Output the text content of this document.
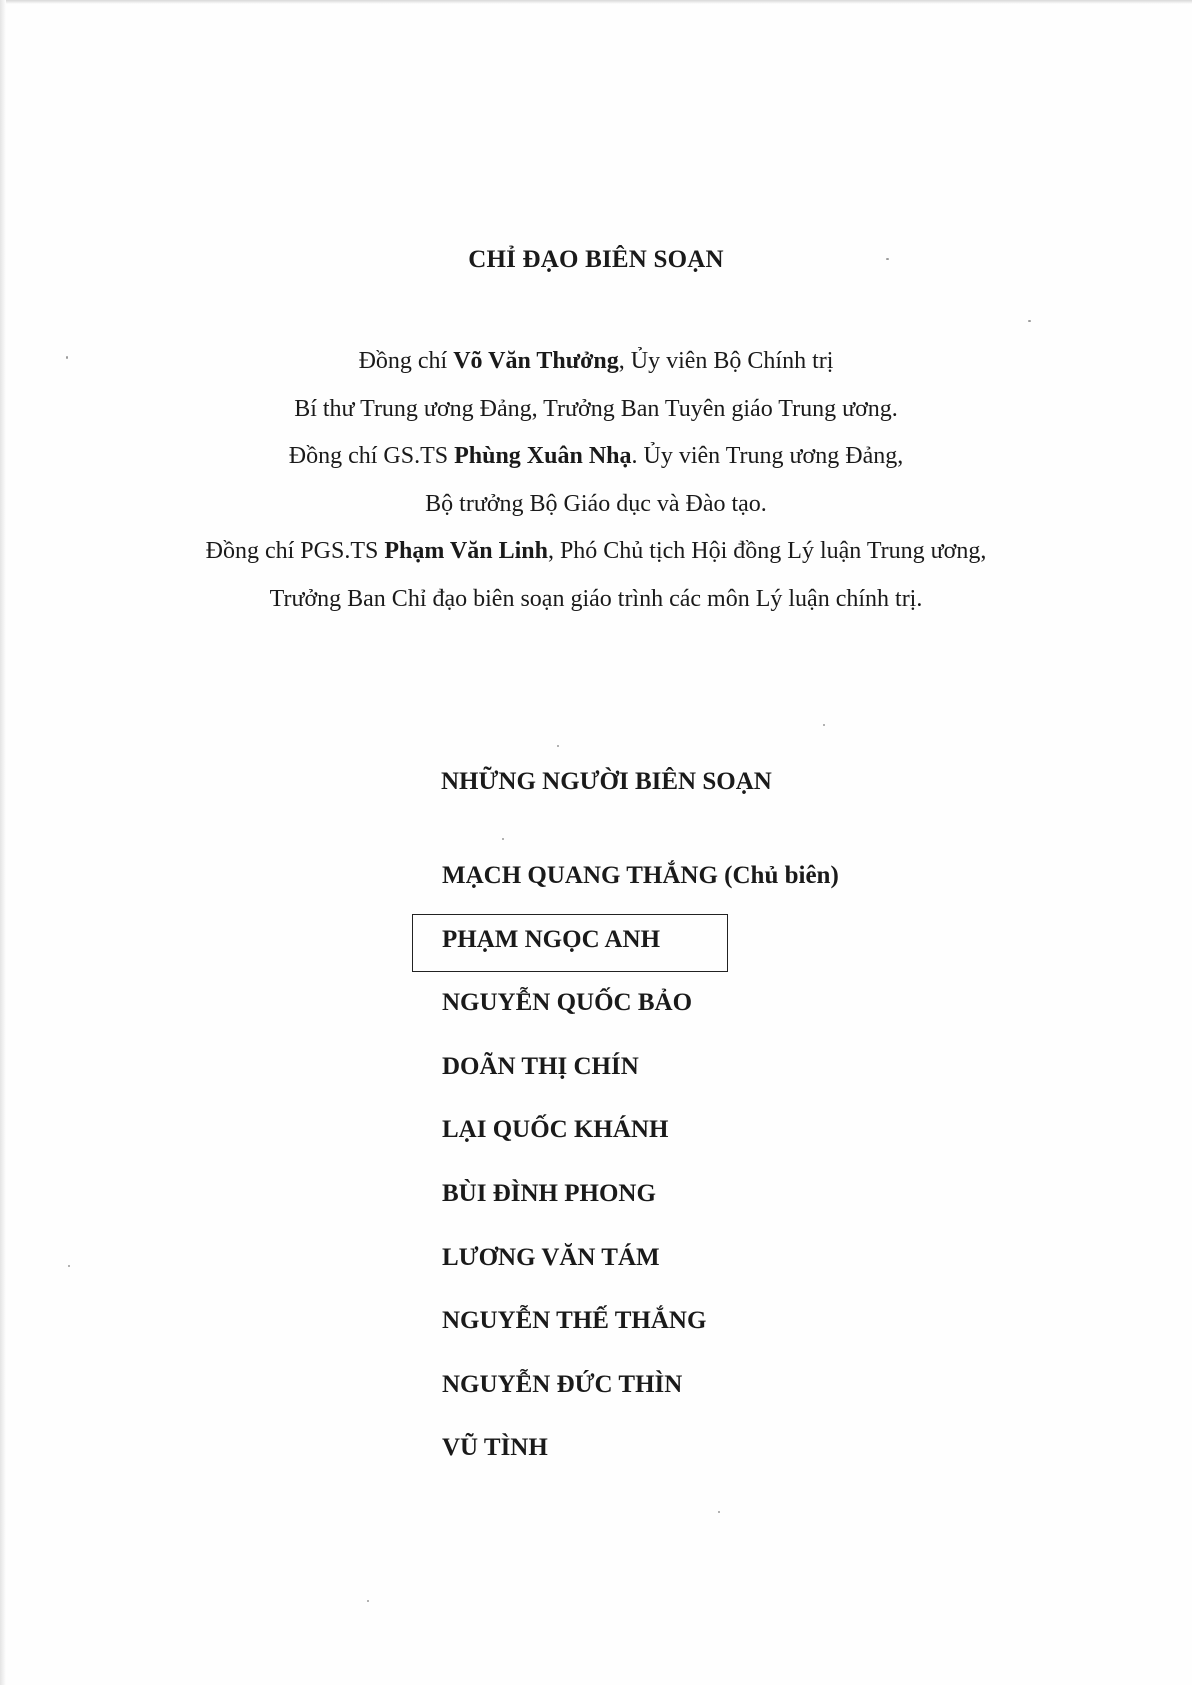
CHỈ ĐẠO BIÊN SOẠN
Đồng chí Võ Văn Thưởng, Ủy viên Bộ Chính trị
Bí thư Trung ương Đảng, Trưởng Ban Tuyên giáo Trung ương.
Đồng chí GS.TS Phùng Xuân Nhạ. Ủy viên Trung ương Đảng,
Bộ trưởng Bộ Giáo dục và Đào tạo.
Đồng chí PGS.TS Phạm Văn Linh, Phó Chủ tịch Hội đồng Lý luận Trung ương,
Trưởng Ban Chỉ đạo biên soạn giáo trình các môn Lý luận chính trị.
NHỮNG NGƯỜI BIÊN SOẠN
MẠCH QUANG THẮNG (Chủ biên)
PHẠM NGỌC ANH
NGUYỄN QUỐC BẢO
DOÃN THỊ CHÍN
LẠI QUỐC KHÁNH
BÙI ĐÌNH PHONG
LƯƠNG VĂN TÁM
NGUYỄN THẾ THẮNG
NGUYỄN ĐỨC THÌN
VŨ TÌNH
